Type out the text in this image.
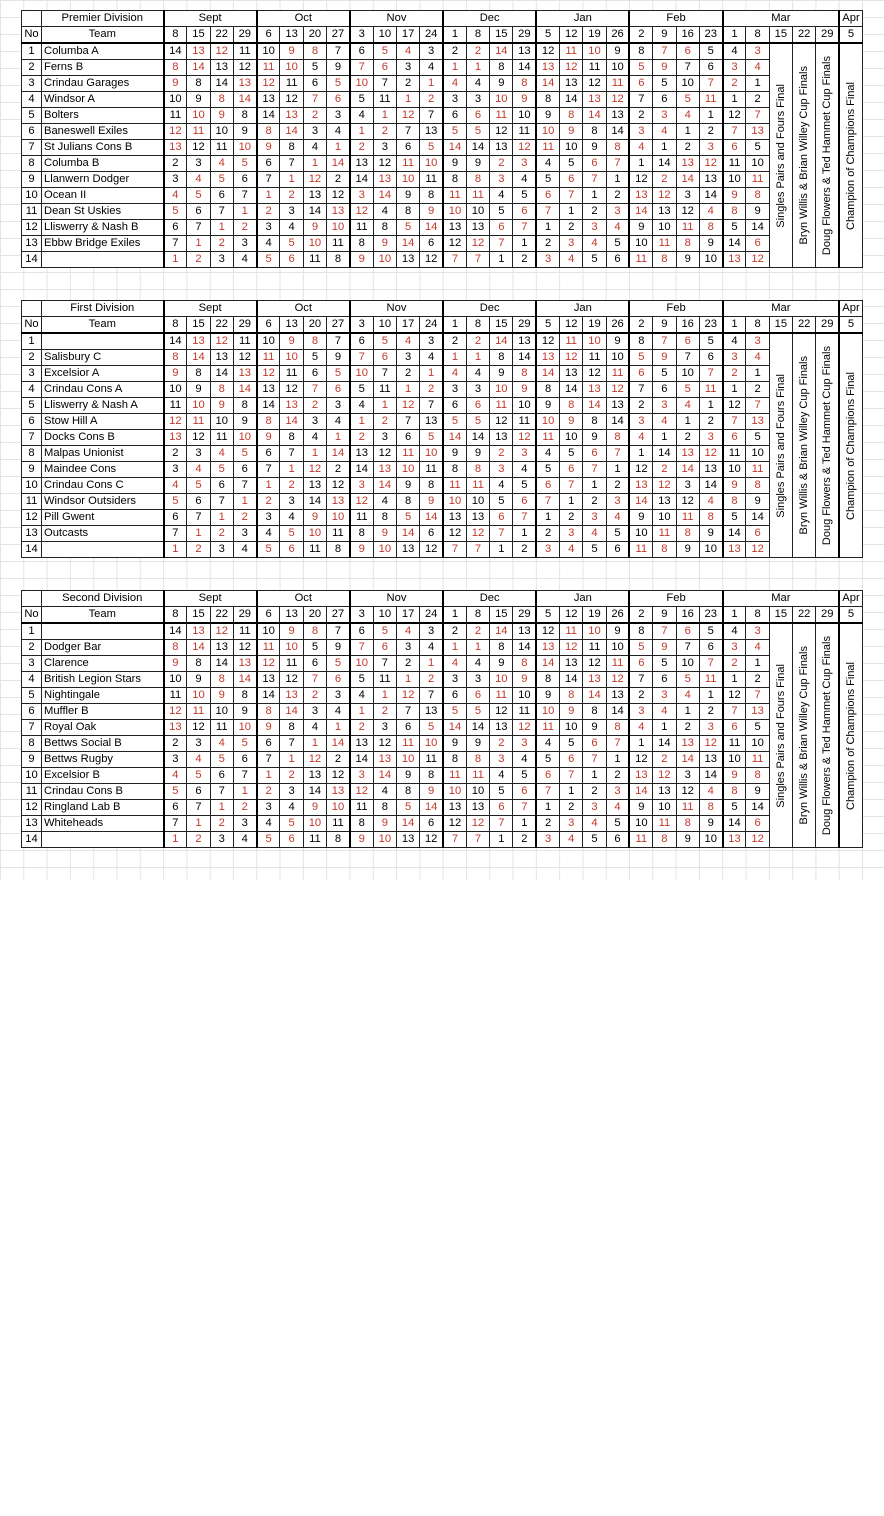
	Premier Division	Sept				Oct				Nov				Dec				Jan				Feb				Mar					Apr
No	Team	8	15	22	29	6	13	20	27	3	10	17	24	1	8	15	29	5	12	19	26	2	9	16	23	1	8	15	22	29	5
1	Columba A	14	13	12	11	10	9	8	7	6	5	4	3	2	2	14	13	12	11	10	9	8	7	6	5	4	3	Singles Pairs and Fours Final	Bryn Willis & Brian Willey Cup Finals	Doug Flowers & Ted Hammet Cup Finals	Champion of Champions Final

2	Ferns B	8	14	13	12	11	10	5	9	7	6	3	4	1	1	8	14	13	12	11	10	5	9	7	6	3	4				
3	Crindau Garages	9	8	14	13	12	11	6	5	10	7	2	1	4	4	9	8	14	13	12	11	6	5	10	7	2	1				
4	Windsor A	10	9	8	14	13	12	7	6	5	11	1	2	3	3	10	9	8	14	13	12	7	6	5	11	1	2				
5	Bolters	11	10	9	8	14	13	2	3	4	1	12	7	6	6	11	10	9	8	14	13	2	3	4	1	12	7				
6	Baneswell Exiles	12	11	10	9	8	14	3	4	1	2	7	13	5	5	12	11	10	9	8	14	3	4	1	2	7	13				
7	St Julians Cons B	13	12	11	10	9	8	4	1	2	3	6	5	14	14	13	12	11	10	9	8	4	1	2	3	6	5				
8	Columba B	2	3	4	5	6	7	1	14	13	12	11	10	9	9	2	3	4	5	6	7	1	14	13	12	11	10				
9	Llanwern Dodger	3	4	5	6	7	1	12	2	14	13	10	11	8	8	3	4	5	6	7	1	12	2	14	13	10	11				
10	Ocean II	4	5	6	7	1	2	13	12	3	14	9	8	11	11	4	5	6	7	1	2	13	12	3	14	9	8				
11	Dean St Uskies	5	6	7	1	2	3	14	13	12	4	8	9	10	10	5	6	7	1	2	3	14	13	12	4	8	9				
12	Lliswerry & Nash B	6	7	1	2	3	4	9	10	11	8	5	14	13	13	6	7	1	2	3	4	9	10	11	8	5	14				
13	Ebbw Bridge Exiles	7	1	2	3	4	5	10	11	8	9	14	6	12	12	7	1	2	3	4	5	10	11	8	9	14	6				
14		1	2	3	4	5	6	11	8	9	10	13	12	7	7	1	2	3	4	5	6	11	8	9	10	13	12				
	First Division	Sept				Oct				Nov				Dec				Jan				Feb				Mar					Apr
No	Team	8	15	22	29	6	13	20	27	3	10	17	24	1	8	15	29	5	12	19	26	2	9	16	23	1	8	15	22	29	5
1		14	13	12	11	10	9	8	7	6	5	4	3	2	2	14	13	12	11	10	9	8	7	6	5	4	3	Singles Pairs and Fours Final	Bryn Willis & Brian Willey Cup Finals	Doug Flowers & Ted Hammet Cup Finals	Champion of Champions Final

2	Salisbury C	8	14	13	12	11	10	5	9	7	6	3	4	1	1	8	14	13	12	11	10	5	9	7	6	3	4				
3	Excelsior A	9	8	14	13	12	11	6	5	10	7	2	1	4	4	9	8	14	13	12	11	6	5	10	7	2	1				
4	Crindau Cons A	10	9	8	14	13	12	7	6	5	11	1	2	3	3	10	9	8	14	13	12	7	6	5	11	1	2				
5	Lliswerry & Nash A	11	10	9	8	14	13	2	3	4	1	12	7	6	6	11	10	9	8	14	13	2	3	4	1	12	7				
6	Stow Hill A	12	11	10	9	8	14	3	4	1	2	7	13	5	5	12	11	10	9	8	14	3	4	1	2	7	13				
7	Docks Cons B	13	12	11	10	9	8	4	1	2	3	6	5	14	14	13	12	11	10	9	8	4	1	2	3	6	5				
8	Malpas Unionist	2	3	4	5	6	7	1	14	13	12	11	10	9	9	2	3	4	5	6	7	1	14	13	12	11	10				
9	Maindee Cons	3	4	5	6	7	1	12	2	14	13	10	11	8	8	3	4	5	6	7	1	12	2	14	13	10	11				
10	Crindau Cons C	4	5	6	7	1	2	13	12	3	14	9	8	11	11	4	5	6	7	1	2	13	12	3	14	9	8				
11	Windsor Outsiders	5	6	7	1	2	3	14	13	12	4	8	9	10	10	5	6	7	1	2	3	14	13	12	4	8	9				
12	Pill Gwent	6	7	1	2	3	4	9	10	11	8	5	14	13	13	6	7	1	2	3	4	9	10	11	8	5	14				
13	Outcasts	7	1	2	3	4	5	10	11	8	9	14	6	12	12	7	1	2	3	4	5	10	11	8	9	14	6				
14		1	2	3	4	5	6	11	8	9	10	13	12	7	7	1	2	3	4	5	6	11	8	9	10	13	12				
	Second Division	Sept				Oct				Nov				Dec				Jan				Feb				Mar					Apr
No	Team	8	15	22	29	6	13	20	27	3	10	17	24	1	8	15	29	5	12	19	26	2	9	16	23	1	8	15	22	29	5
1		14	13	12	11	10	9	8	7	6	5	4	3	2	2	14	13	12	11	10	9	8	7	6	5	4	3	Singles Pairs and Fours Final	Bryn Willis & Brian Willey Cup Finals	Doug Flowers & Ted Hammet Cup Finals	Champion of Champions Final

2	Dodger Bar	8	14	13	12	11	10	5	9	7	6	3	4	1	1	8	14	13	12	11	10	5	9	7	6	3	4				
3	Clarence	9	8	14	13	12	11	6	5	10	7	2	1	4	4	9	8	14	13	12	11	6	5	10	7	2	1				
4	British Legion Stars	10	9	8	14	13	12	7	6	5	11	1	2	3	3	10	9	8	14	13	12	7	6	5	11	1	2				
5	Nightingale	11	10	9	8	14	13	2	3	4	1	12	7	6	6	11	10	9	8	14	13	2	3	4	1	12	7				
6	Muffler B	12	11	10	9	8	14	3	4	1	2	7	13	5	5	12	11	10	9	8	14	3	4	1	2	7	13				
7	Royal Oak	13	12	11	10	9	8	4	1	2	3	6	5	14	14	13	12	11	10	9	8	4	1	2	3	6	5				
8	Bettws Social B	2	3	4	5	6	7	1	14	13	12	11	10	9	9	2	3	4	5	6	7	1	14	13	12	11	10				
9	Bettws Rugby	3	4	5	6	7	1	12	2	14	13	10	11	8	8	3	4	5	6	7	1	12	2	14	13	10	11				
10	Excelsior B	4	5	6	7	1	2	13	12	3	14	9	8	11	11	4	5	6	7	1	2	13	12	3	14	9	8				
11	Crindau Cons B	5	6	7	1	2	3	14	13	12	4	8	9	10	10	5	6	7	1	2	3	14	13	12	4	8	9				
12	Ringland Lab B	6	7	1	2	3	4	9	10	11	8	5	14	13	13	6	7	1	2	3	4	9	10	11	8	5	14				
13	Whiteheads	7	1	2	3	4	5	10	11	8	9	14	6	12	12	7	1	2	3	4	5	10	11	8	9	14	6				
14		1	2	3	4	5	6	11	8	9	10	13	12	7	7	1	2	3	4	5	6	11	8	9	10	13	12				
